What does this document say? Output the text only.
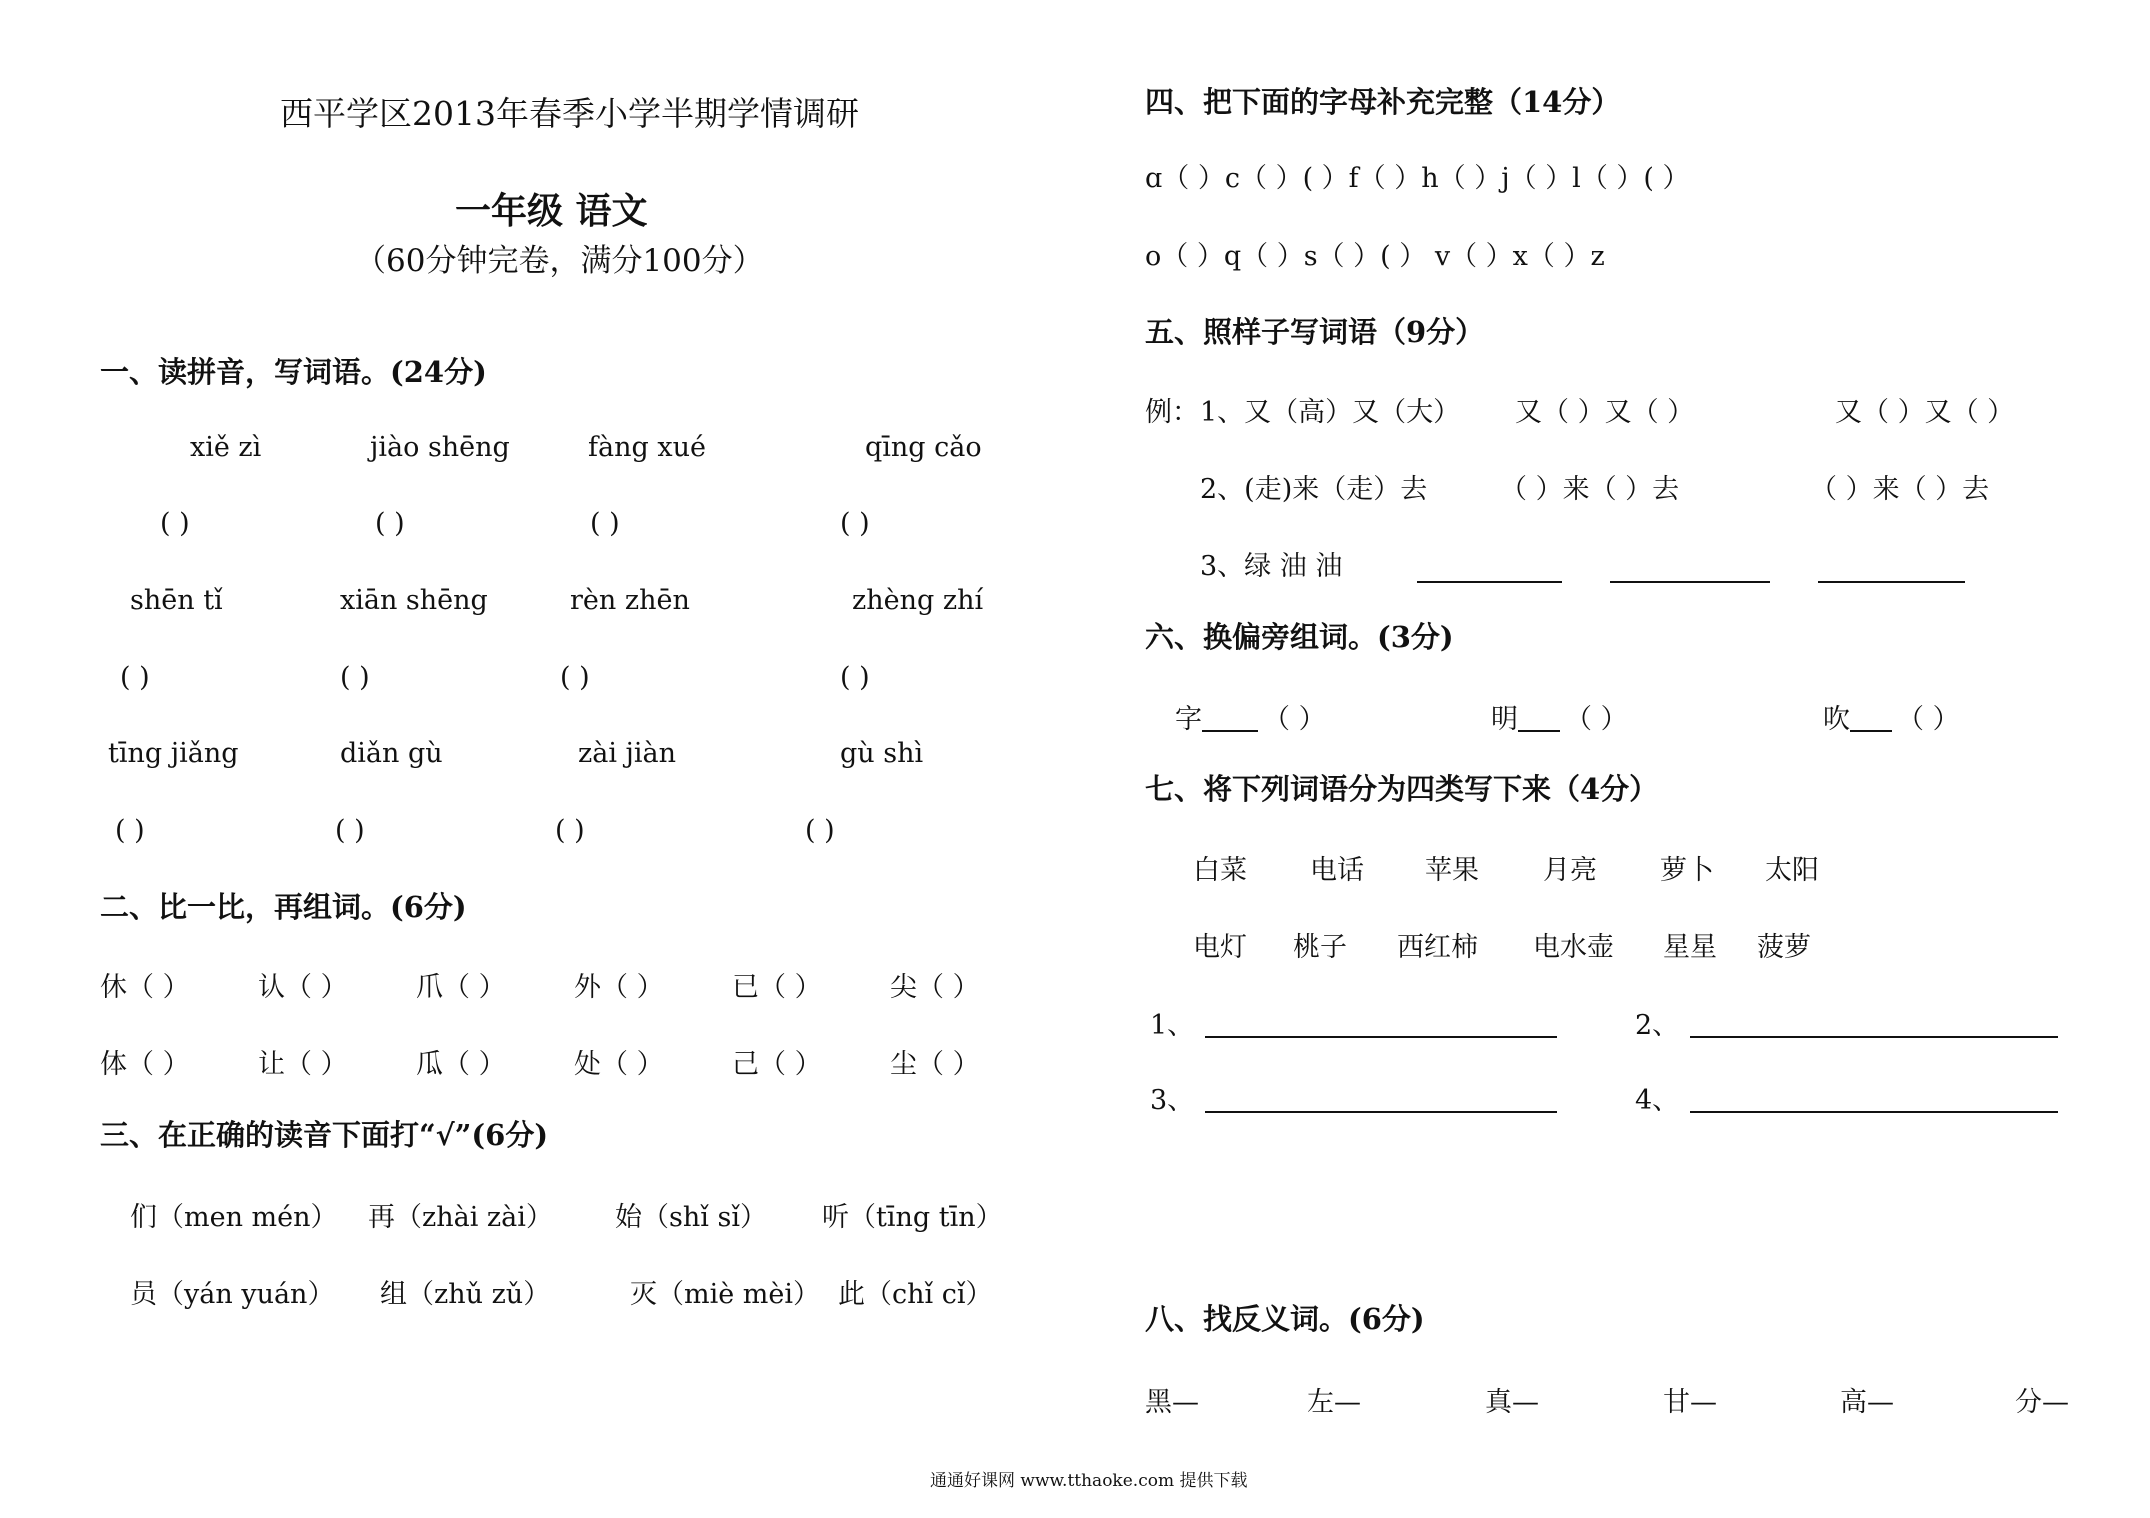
西平学区2013年春季小学半期学情调研
一年级 语文
（60分钟完卷，满分100分）
一、读拼音，写词语。(24分)
xiě zì	jiào shēng	fàng xué	qīng cǎo
( )	( )	( )	( )
shēn tǐ	xiān shēng	rèn zhēn	zhèng zhí
( )	( )	( )	( )
tīng jiǎng	diǎn gù	zài jiàn	gù shì
( )	( )	( )	( )
二、比一比，再组词。(6分)
休（ ）	认（ ）	爪（ ）	外（ ）	已（ ）	尖（ ）
体（ ）	让（ ）	瓜（ ）	处（ ）	己（ ）	尘（ ）
三、在正确的读音下面打“√”(6分)
们（men mén） 再（zhài zài） 始（shǐ sǐ） 听（tīng tīn）
员（yán yuán） 组（zhǔ zǔ）	灭（miè mèi） 此（chǐ cǐ）
四、把下面的字母补充完整（14分）
ɑ（ ）c（ ）( ）f（ ）h（ ）j（ ）l（ ）( ）
o（ ）q（ ）s（ ）( ） v（ ）x（ ）z
五、照样子写词语（9分）
例： 1、又（高）又（大） 又（ ）又（ ）	又（ ）又（ ）
2、(走)来（走）去	（ ）来（ ）去	（ ）来（ ）去
3、绿 油 油
六、换偏旁组词。(3分)
字 （ ）	明 （ ）	吹 （ ）
七、将下列词语分为四类写下来（4分）
白菜 电话 苹果 月亮 萝卜 太阳
电灯 桃子 西红柿 电水壶 星星 菠萝
1、	2、
3、	4、
八、找反义词。(6分)
黑—	左—	真—	甘—	高—	分—
通通好课网 www.tthaoke.com 提供下载
